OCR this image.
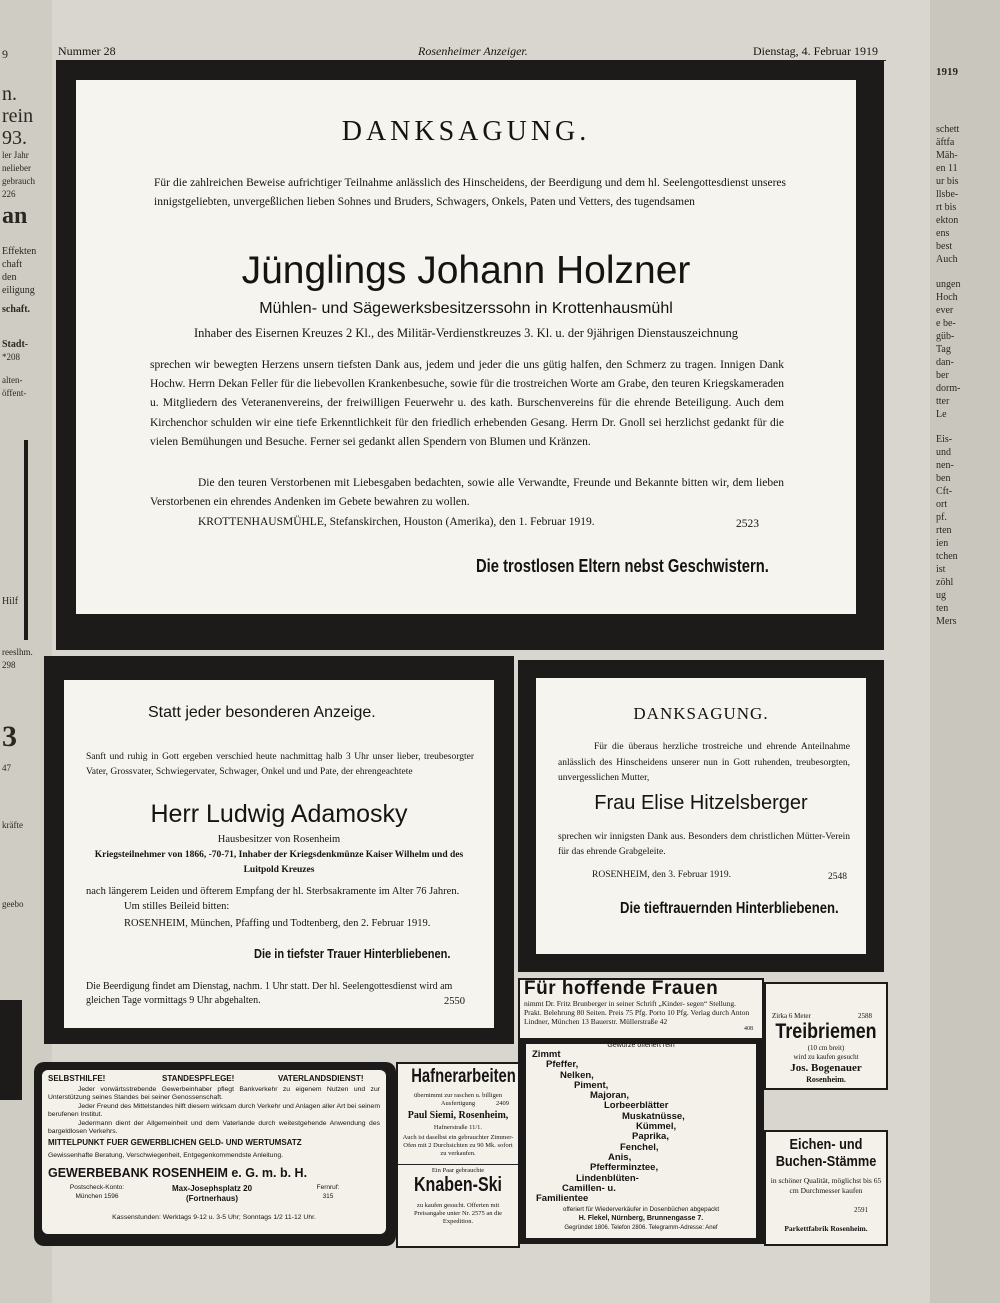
9
n.
rein
93.
ler Jahr
nelieber
gebrauch
226
an
Effekten
chaft
den
eiligung
schaft.
Stadt-
*208
alten-
öffent-
Hilf
reeslhm.
298
3
47
kräfte
geebo
1919
schett
äftfa
Mäh-
en 11
ur bis
llsbe-
rt bis
ekton
ens
best
Auch
ungen
Hoch
ever
e be-
güb-
Tag
dan-
ber
dorm-
tter
Le
Eis-
und
nen-
ben
Cft-
ort
pf.
rten
ien
tchen
ist
zöhl
ug
ten
Mers
Nummer 28	Rosenheimer Anzeiger.	Dienstag, 4. Februar 1919
DANKSAGUNG.
Für die zahlreichen Beweise aufrichtiger Teilnahme anlässlich des Hinscheidens, der Beerdigung und dem hl. Seelengottesdienst unseres innigstgeliebten, unvergeßlichen lieben Sohnes und Bruders, Schwagers, Onkels, Paten und Vetters, des tugendsamen
Jünglings Johann Holzner
Mühlen- und Sägewerksbesitzerssohn in Krottenhausmühl
Inhaber des Eisernen Kreuzes 2 Kl., des Militär-Verdienstkreuzes 3. Kl. u. der 9jährigen Dienstauszeichnung
sprechen wir bewegten Herzens unsern tiefsten Dank aus, jedem und jeder die uns gütig halfen, den Schmerz zu tragen. Innigen Dank Hochw. Herrn Dekan Feller für die liebevollen Krankenbesuche, sowie für die trostreichen Worte am Grabe, den teuren Kriegskameraden u. Mitgliedern des Veteranenvereins, der freiwilligen Feuerwehr u. des kath. Burschenvereins für die ehrende Beteiligung. Auch dem Kirchenchor schulden wir eine tiefe Erkenntlichkeit für den friedlich erhebenden Gesang. Herrn Dr. Gnoll sei herzlichst gedankt für die vielen Bemühungen und Besuche. Ferner sei gedankt allen Spendern von Blumen und Kränzen.
Die den teuren Verstorbenen mit Liebesgaben bedachten, sowie alle Verwandte, Freunde und Bekannte bitten wir, dem lieben Verstorbenen ein ehrendes Andenken im Gebete bewahren zu wollen.
KROTTENHAUSMÜHLE, Stefanskirchen, Houston (Amerika), den 1. Februar 1919.	2523
Die trostlosen Eltern nebst Geschwistern.
Statt jeder besonderen Anzeige.
Sanft und ruhig in Gott ergeben verschied heute nachmittag halb 3 Uhr unser lieber, treubesorgter Vater, Grossvater, Schwiegervater, Schwager, Onkel und und Pate, der ehrengeachtete
Herr Ludwig Adamosky
Hausbesitzer von Rosenheim
Kriegsteilnehmer von 1866, -70-71, Inhaber der Kriegsdenkmünze Kaiser Wilhelm und des Luitpold Kreuzes
nach längerem Leiden und öfterem Empfang der hl. Sterbsakramente im Alter 76 Jahren.
Um stilles Beileid bitten:
ROSENHEIM, München, Pfaffing und Todtenberg, den 2. Februar 1919.
Die in tiefster Trauer Hinterbliebenen.
Die Beerdigung findet am Dienstag, nachm. 1 Uhr statt. Der hl. Seelengottesdienst wird am gleichen Tage vormittags 9 Uhr abgehalten.	2550
DANKSAGUNG.
Für die überaus herzliche trostreiche und ehrende Anteilnahme anlässlich des Hinscheidens unserer nun in Gott ruhenden, treubesorgten, unvergesslichen Mutter,
Frau Elise Hitzelsberger
sprechen wir innigsten Dank aus. Besonders dem christlichen Mütter-Verein für das ehrende Grabgeleite.
ROSENHEIM, den 3. Februar 1919.	2548
Die tieftrauernden Hinterbliebenen.
Für hoffende Frauen
nimmt Dr. Fritz Brunberger in seiner Schrift „Kinder- segen“ Stellung. Prakt. Belehrung 80 Seiten. Preis 75 Pfg. Porto 10 Pfg. Verlag durch Anton Lindner, München 13 Bauerstr. Müllerstraße 42
408
Zirka 6 Meter	2588
Treibriemen
(10 cm breit)
wird zu kaufen gesucht
Jos. Bogenauer
Rosenheim.
SELBSTHILFE!	STANDESPFLEGE!	VATERLANDSDIENST!
Jeder vorwärtsstrebende Gewerbeinhaber pflegt Bankverkehr zu eigenem Nutzen und zur Unterstützung seines Standes bei seiner Genossenschaft.
Jeder Freund des Mittelstandes hilft diesem wirksam durch Verkehr und Anlagen aller Art bei seinem berufenen Institut.
Jedermann dient der Allgemeinheit und dem Vaterlande durch weitestgehende Anwendung des bargeldlosen Verkehrs.
MITTELPUNKT FUER GEWERBLICHEN GELD- UND WERTUMSATZ
Gewissenhafte Beratung, Verschwiegenheit, Entgegenkommendste Anleitung.
GEWERBEBANK ROSENHEIM e. G. m. b. H.
Postscheck-Konto:
München 1596
Max-Josephsplatz 20
(Fortnerhaus)
Fernruf:
315
Kassenstunden: Werktags 9-12 u. 3-5 Uhr; Sonntags 1/2 11-12 Uhr.
Hafnerarbeiten
übernimmt zur raschen u. billigen Ausfertigung	2409
Paul Siemi, Rosenheim,
Hafnerstraße 11/1.
Auch ist daselbst ein gebrauchter Zimmer-Ofen mit 2 Durchsichten zu 90 Mk. sofort zu verkaufen.
Ein Paar gebrauchte
Knaben-Ski
zu kaufen gesucht. Offerten mit Preisangabe unter Nr. 2575 an die Expedition.
Gewürze offeriert rein
Zimmt
Pfeffer,
Nelken,
Piment,
Majoran,
Lorbeerblätter
Muskatnüsse,
Kümmel,
Paprika,
Fenchel,
Anis,
Pfefferminztee,
Lindenblüten-
Camillen- u.
Familientee
offeriert für Wiederverkäufer in Dosenbüchen abgepackt
H. Flekel, Nürnberg, Brunnengasse 7.
Gegründet 1806. Telefon 2806. Telegramm-Adresse: Anef
Eichen- und Buchen-Stämme
in schöner Qualität, möglichst bis 65 cm Durchmesser kaufen
2591
Parkettfabrik Rosenheim.
